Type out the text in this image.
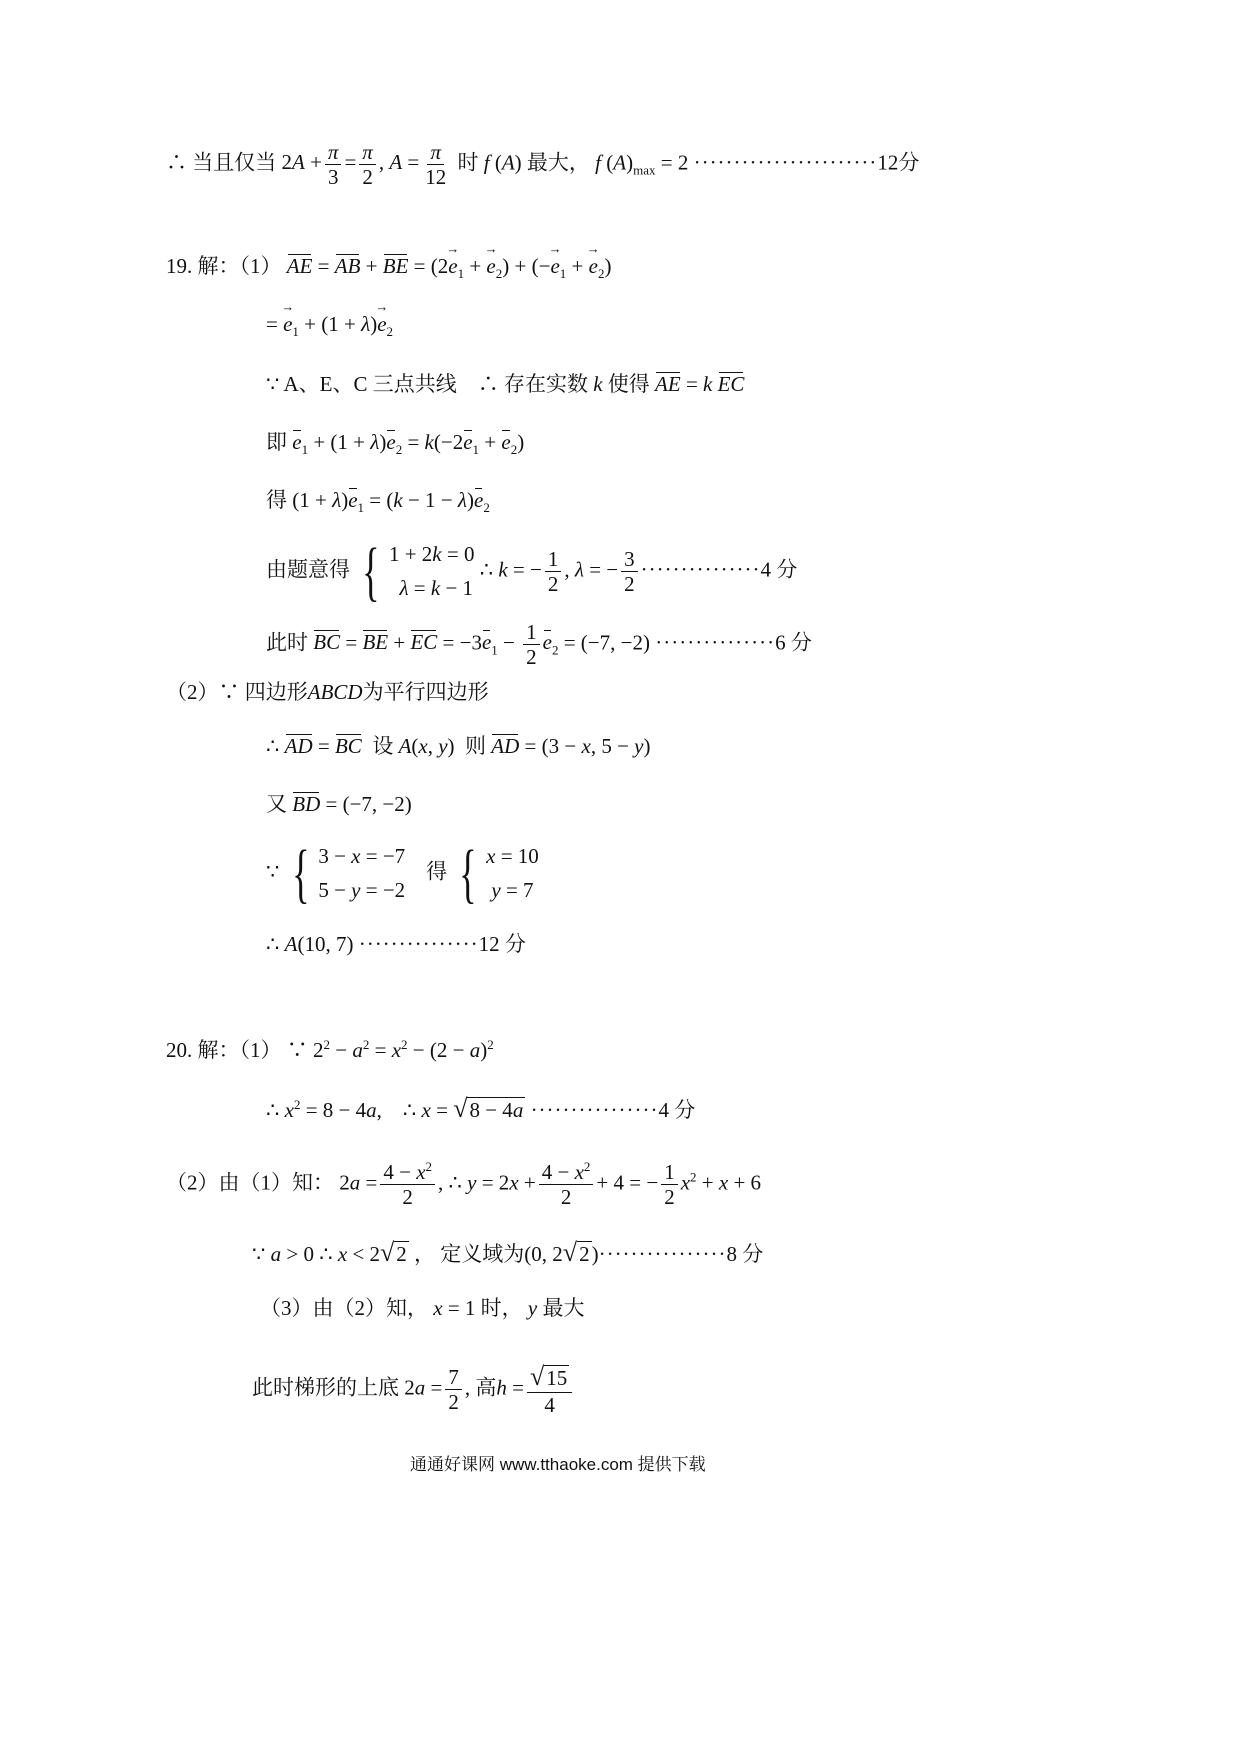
∴ 当且仅当 $2A + \frac{\pi}{3} = \frac{\pi}{2}$ , $A = \frac{\pi}{12}$ 时 f (A) 最大， f $(A)_{max} = 2 \cdot\cdot\cdot\cdot\cdot\cdot\cdot\cdot\cdot\cdot\cdot\cdot\cdot\cdot\cdot\cdot\cdot\cdot\cdot\cdot\cdot\cdot\cdot 12$分
19. 解：（1） AE = AB + BE = ($2\to e_1$ + → $e_2$) + (−→ $e_1$ + → $e_2$)
= → $e_1 + (1 + \lambda)\to e_2$
∵ A、E、C 三点共线 ∴ 存在实数 k 使得 AE = k EC
即 $e_1 + (1 + \lambda)e_2 = k(-2e_1 + e_2)$
得 $(1 + \lambda)e_1 = (k - 1 - \lambda)e_2$
由题意得 { 1 + 2k = 0
λ = k − 1
∴ k = − $\frac{1}{2}$ , λ = − $\frac{3}{2} \cdot\cdot\cdot\cdot\cdot\cdot\cdot\cdot\cdot\cdot\cdot\cdot\cdot\cdot\cdot 4$ 分
此时 BC = BE + EC = $-3e_1 - \frac{1}{2} e_2 = (-7$, −2) ···············6 分
（2）∵ 四边形ABCD为平行四边形
∴ AD = BC 设 A(x, y)  则 AD = (3 − x, 5 − y)
又 BD = (−7, −2)
∵ { 3 − x = −7
5 − y = −2
得 { x = 10
y = 7
∴ A(10, 7) ···············12 分
20. 解：（1） ∵ $2^2 - a^2 = x^2 - (2 - a)^2$
∴ $x^2 = 8 - 4a$,    ∴ x = √8 − 4a ················4 分
（2）由（1）知： $2a = \frac{4 - x^2}{2}$ , ∴ $y = 2x + \frac{4 - x^2}{2} + 4$ = − $\frac{1}{2} x^2 + x + 6$
∵ a > 0 ∴ x < 2√2 ， 定义域为(0, 2√2)················8 分
（3）由（2）知， x = 1 时， y 最大
此时梯形的上底 $2a = \frac{7}{2}$ , 高$h = \frac{√15}{4}$
通通好课网 www.tthaoke.com 提供下载
